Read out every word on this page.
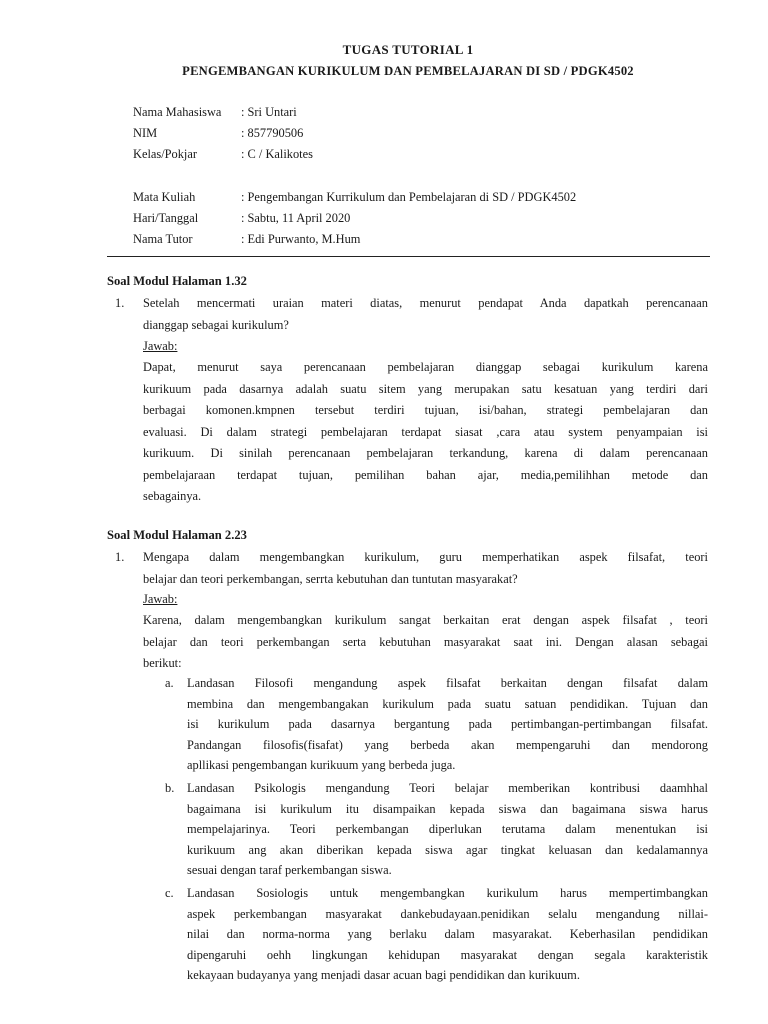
TUGAS TUTORIAL 1
PENGEMBANGAN KURIKULUM DAN PEMBELAJARAN DI SD / PDGK4502
Nama Mahasiswa : Sri Untari
NIM	: 857790506
Kelas/Pokjar	: C / Kalikotes
Mata Kuliah	: Pengembangan Kurrikulum dan Pembelajaran di SD / PDGK4502
Hari/Tanggal	: Sabtu, 11 April 2020
Nama Tutor	: Edi Purwanto, M.Hum
Soal Modul Halaman 1.32
1. Setelah mencermati uraian materi diatas, menurut pendapat Anda dapatkah perencanaan
dianggap sebagai kurikulum?
Jawab:
Dapat, menurut saya perencanaan pembelajaran dianggap sebagai kurikulum karena
kurikuum pada dasarnya adalah suatu sitem yang merupakan satu kesatuan yang terdiri dari
berbagai komonen.kmpnen tersebut terdiri tujuan, isi/bahan, strategi pembelajaran dan
evaluasi. Di dalam strategi pembelajaran terdapat siasat ,cara atau system penyampaian isi
kurikuum. Di sinilah perencanaan pembelajaran terkandung, karena di dalam perencanaan
pembelajaraan terdapat tujuan, pemilihan bahan ajar, media,pemilihhan metode dan
sebagainya.
Soal Modul Halaman 2.23
1. Mengapa dalam mengembangkan kurikulum, guru memperhatikan aspek filsafat, teori
belajar dan teori perkembangan, serrta kebutuhan dan tuntutan masyarakat?
Jawab:
Karena, dalam mengembangkan kurikulum sangat berkaitan erat dengan aspek filsafat , teori
belajar dan teori perkembangan serta kebutuhan masyarakat saat ini. Dengan alasan sebagai
berikut:
a. Landasan Filosofi mengandung aspek filsafat berkaitan dengan filsafat dalam
membina dan mengembangakan kurikulum pada suatu satuan pendidikan. Tujuan dan
isi kurikulum pada dasarnya bergantung pada pertimbangan-pertimbangan filsafat.
Pandangan filosofis(fisafat) yang berbeda akan mempengaruhi dan mendorong
apllikasi pengembangan kurikuum yang berbeda juga.
b. Landasan Psikologis mengandung Teori belajar memberikan kontribusi daamhhal
bagaimana isi kurikulum itu disampaikan kepada siswa dan bagaimana siswa harus
mempelajarinya. Teori perkembangan diperlukan terutama dalam menentukan isi
kurikuum ang akan diberikan kepada siswa agar tingkat keluasan dan kedalamannya
sesuai dengan taraf perkembangan siswa.
c. Landasan Sosiologis untuk mengembangkan kurikulum harus mempertimbangkan
aspek perkembangan masyarakat dankebudayaan.penidikan selalu mengandung nillai-
nilai dan norma-norma yang berlaku dalam masyarakat. Keberhasilan pendidikan
dipengaruhi oehh lingkungan kehidupan masyarakat dengan segala karakteristik
kekayaan budayanya yang menjadi dasar acuan bagi pendidikan dan kurikuum.
